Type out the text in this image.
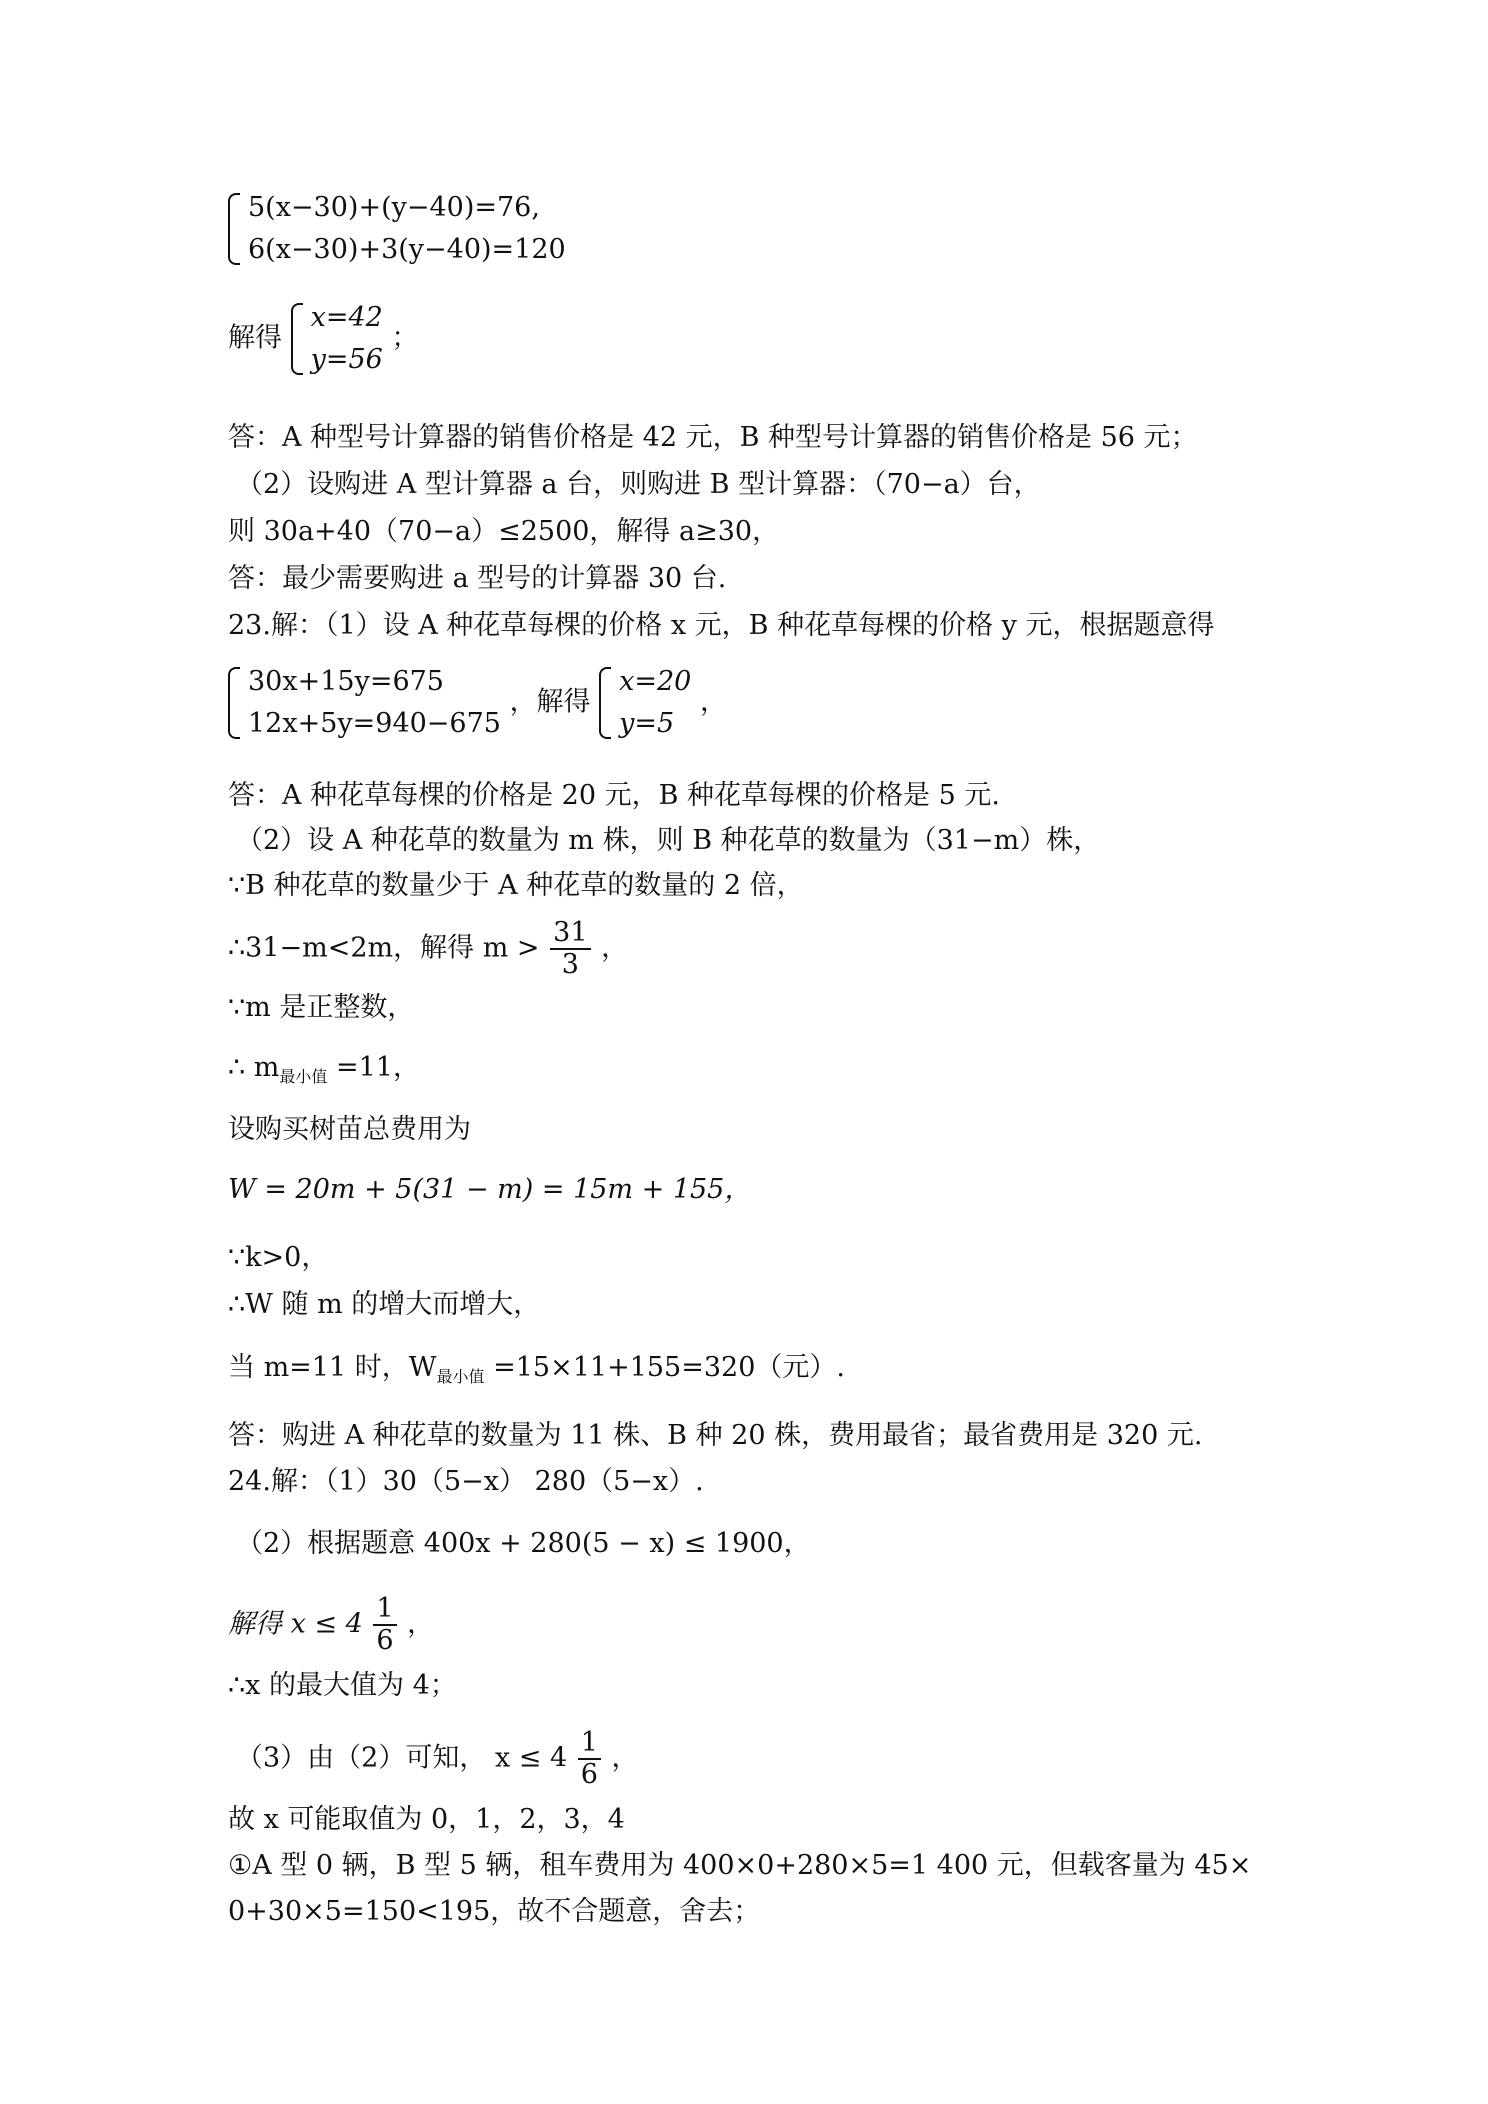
5(x−30)+(y−40)=76,
6(x−30)+3(y−40)=120
解得
x=42
y=56
；
答：A 种型号计算器的销售价格是 42 元，B 种型号计算器的销售价格是 56 元；
（2）设购进 A 型计算器 a 台，则购进 B 型计算器：（70−a）台，
则 30a+40（70−a）≤2500，解得 a≥30，
答：最少需要购进 a 型号的计算器 30 台.
23.解：（1）设 A 种花草每棵的价格 x 元，B 种花草每棵的价格 y 元，根据题意得
30x+15y=675
12x+5y=940−675
，解得
x=20
y=5
，
答：A 种花草每棵的价格是 20 元，B 种花草每棵的价格是 5 元.
（2）设 A 种花草的数量为 m 株，则 B 种花草的数量为（31−m）株，
∵B 种花草的数量少于 A 种花草的数量的 2 倍，
∴31−m<2m，解得 $m > \frac{31}{3}$ ，
∵m 是正整数，
∴ $m_{最小值} =11$，
设购买树苗总费用为
W = 20m + 5(31 − m) = 15m + 155，
∵k>0，
∴W 随 m 的增大而增大，
当 m=11 时，$W_{最小值} =15\times 11+155=320$（元）.
答：购进 A 种花草的数量为 11 株、B 种 20 株，费用最省；最省费用是 320 元.
24.解：（1）30（5−x） 280（5−x）.
（2）根据题意 400x + 280(5 − x) ≤ 1900，
解得 $x \le 4 \frac{1}{6}$ ，
∴x 的最大值为 4；
（3）由（2）可知， $x \le 4 \frac{1}{6}$ ，
故 x 可能取值为 0，1，2，3，4
①A 型 0 辆，B 型 5 辆，租车费用为 400×0+280×5=1 400 元，但载客量为 45×
0+30×5=150<195，故不合题意，舍去；
